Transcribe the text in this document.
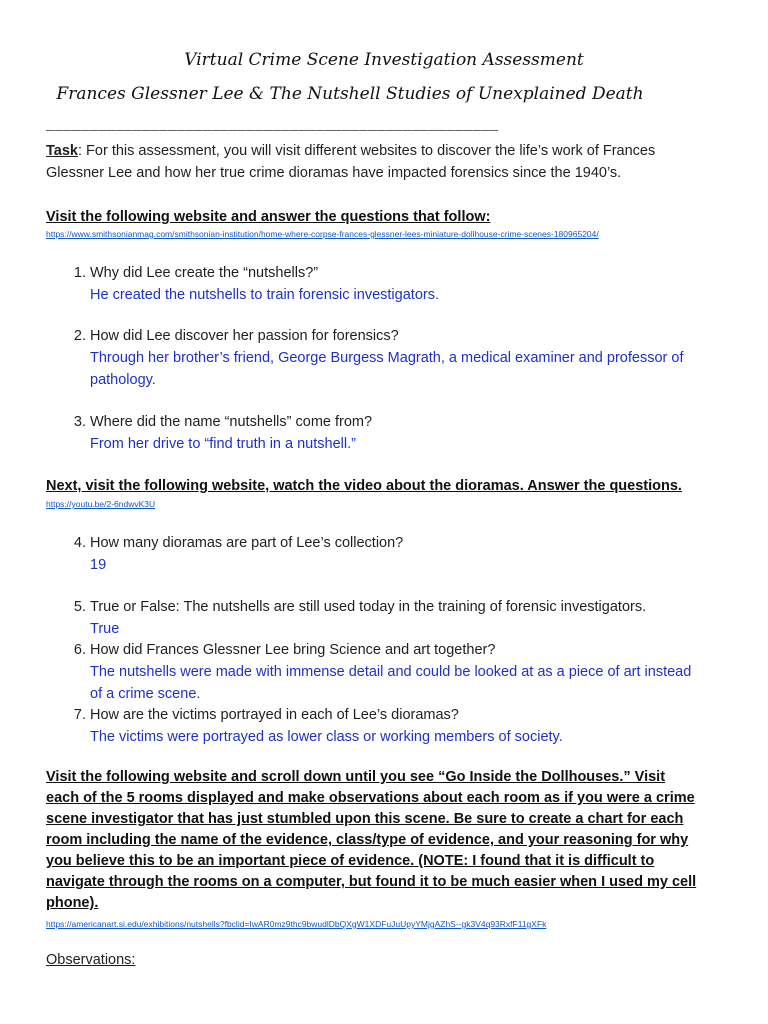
Virtual Crime Scene Investigation Assessment
Frances Glessner Lee & The Nutshell Studies of Unexplained Death
____________________________________________________
Task: For this assessment, you will visit different websites to discover the life’s work of Frances
Glessner Lee and how her true crime dioramas have impacted forensics since the 1940’s.
Visit the following website and answer the questions that follow:
https://www.smithsonianmag.com/smithsonian-institution/home-where-corpse-frances-glessner-lees-miniature-dollhouse-crime-scenes-180965204/
1. Why did Lee create the “nutshells?”
He created the nutshells to train forensic investigators.
2. How did Lee discover her passion for forensics?
Through her brother’s friend, George Burgess Magrath, a medical examiner and professor of
pathology.
3. Where did the name “nutshells” come from?
From her drive to “find truth in a nutshell.”
Next, visit the following website, watch the video about the dioramas. Answer the questions.
https://youtu.be/2-6ndwvK3U
4. How many dioramas are part of Lee’s collection?
19
5. True or False: The nutshells are still used today in the training of forensic investigators.
True
6. How did Frances Glessner Lee bring Science and art together?
The nutshells were made with immense detail and could be looked at as a piece of art instead
of a crime scene.
7. How are the victims portrayed in each of Lee’s dioramas?
The victims were portrayed as lower class or working members of society.
Visit the following website and scroll down until you see “Go Inside the Dollhouses.” Visit
each of the 5 rooms displayed and make observations about each room as if you were a crime
scene investigator that has just stumbled upon this scene. Be sure to create a chart for each
room including the name of the evidence, class/type of evidence, and your reasoning for why
you believe this to be an important piece of evidence. (NOTE: I found that it is difficult to
navigate through the rooms on a computer, but found it to be much easier when I used my cell
phone).
https://americanart.si.edu/exhibitions/nutshells?fbclid=IwAR0mz9thc9bwudlDbQXgW1XDFuJuUpyYMjgAZhS--gk3V4q93RxfF11gXFk
Observations:
